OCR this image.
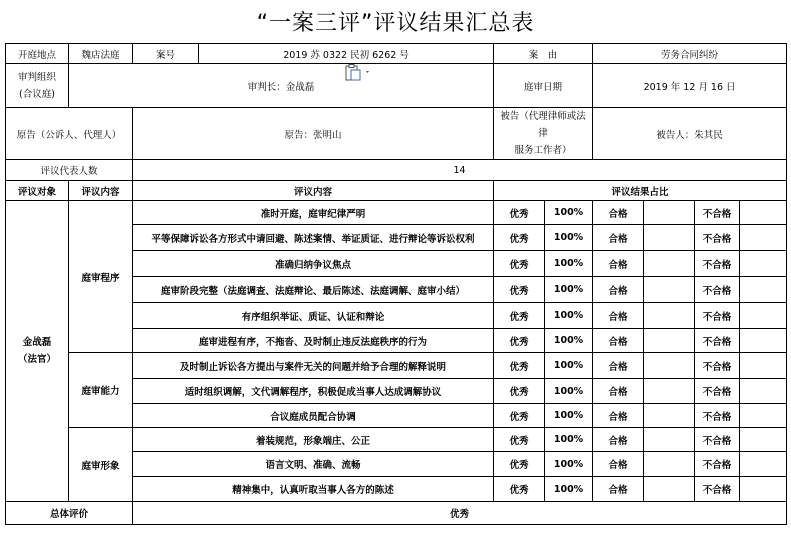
“一案三评”评议结果汇总表
开庭地点	魏店法庭	案号	2019 苏 0322 民初 6262 号	案　由		劳务合同纠纷			
审判组织
(合议庭)	审判长：金战磊			庭审日期		2019 年 12 月 16 日			
原告（公诉人、代理人）		原告：张明山		被告（代理律师或法律
服务工作者）		被告人：朱其民			
评议代表人数		14							
评议对象	评议内容	评议内容		评议结果占比					
金战磊
（法官）	庭审程序	准时开庭，庭审纪律严明		优秀	100%	合格		不合格	
		平等保障诉讼各方形式中请回避、陈述案情、举证质证、进行辩论等诉讼权利		优秀	100%	合格		不合格	
		准确归纳争议焦点		优秀	100%	合格		不合格	
		庭审阶段完整（法庭调查、法庭辩论、最后陈述、法庭调解、庭审小结）		优秀	100%	合格		不合格	
		有序组织举证、质证、认证和辩论		优秀	100%	合格		不合格	
		庭审进程有序，不拖沓、及时制止违反法庭秩序的行为		优秀	100%	合格		不合格	
	庭审能力	及时制止诉讼各方提出与案件无关的问题并给予合理的解释说明		优秀	100%	合格		不合格	
		适时组织调解，文代调解程序，积极促成当事人达成调解协议		优秀	100%	合格		不合格	
		合议庭成员配合协调		优秀	100%	合格		不合格	
	庭审形象	着装规范，形象端庄、公正		优秀	100%	合格		不合格	
		语言文明、准确、流畅		优秀	100%	合格		不合格	
		精神集中，认真听取当事人各方的陈述		优秀	100%	合格		不合格	
总体评价		优秀							
